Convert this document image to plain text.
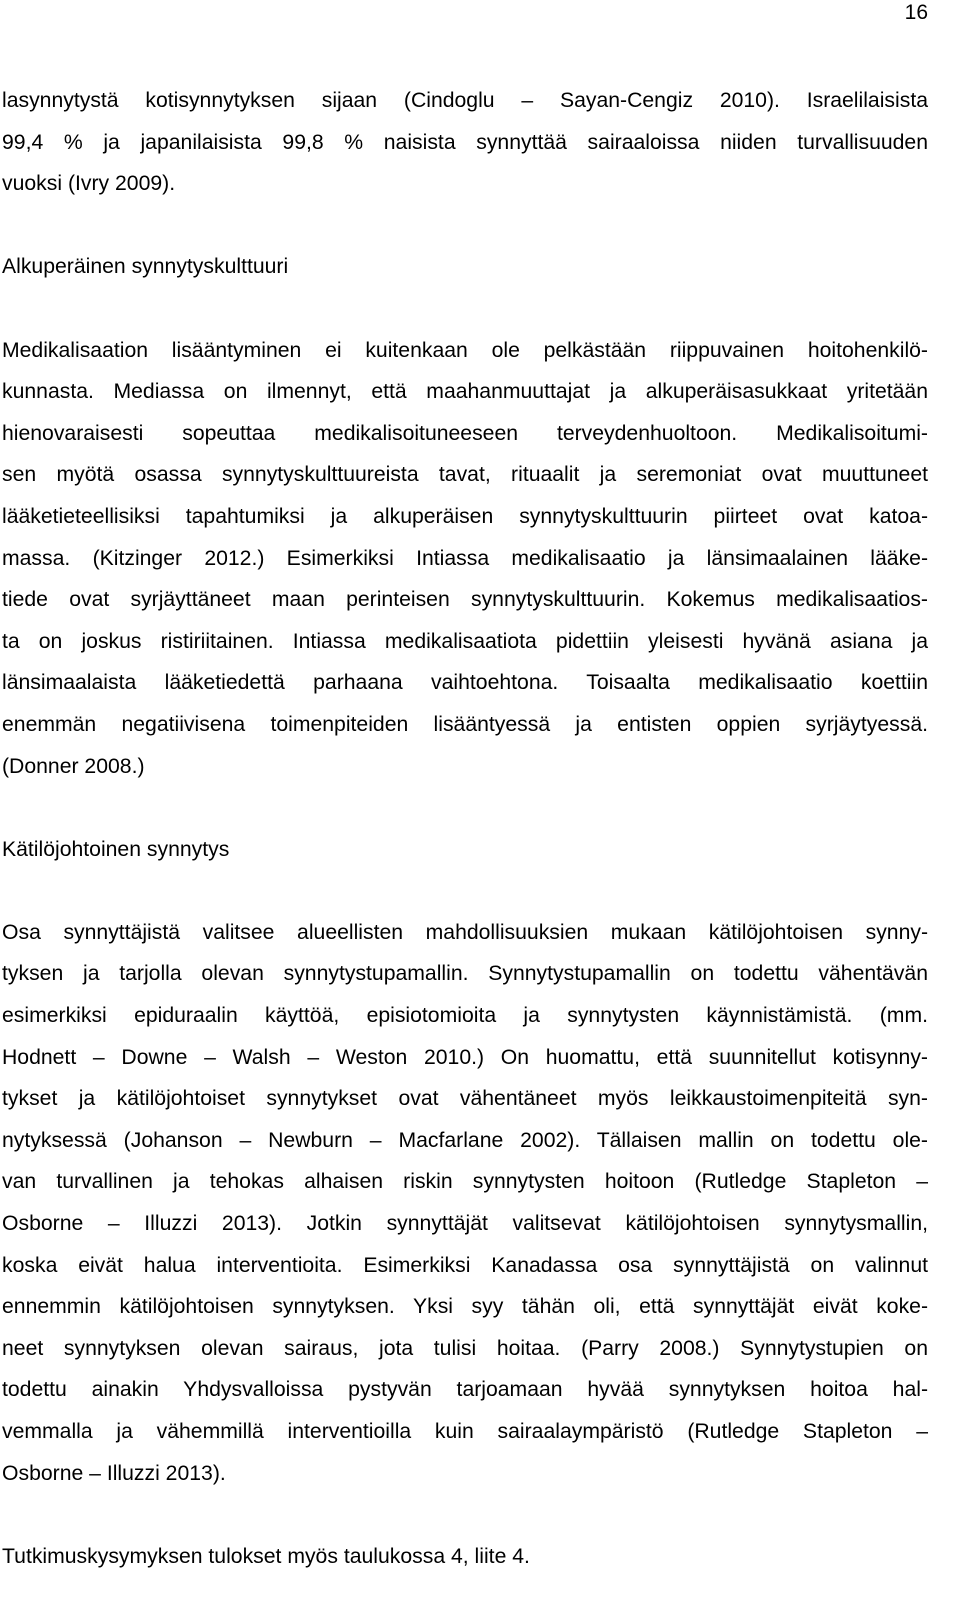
16
lasynnytystä kotisynnytyksen sijaan (Cindoglu – Sayan-Cengiz 2010). Israelilaisista
99,4 % ja japanilaisista 99,8 % naisista synnyttää sairaaloissa niiden turvallisuuden
vuoksi (Ivry 2009).
Alkuperäinen synnytyskulttuuri
Medikalisaation lisääntyminen ei kuitenkaan ole pelkästään riippuvainen hoitohenkilö-
kunnasta. Mediassa on ilmennyt, että maahanmuuttajat ja alkuperäisasukkaat yritetään
hienovaraisesti sopeuttaa medikalisoituneeseen terveydenhuoltoon. Medikalisoitumi-
sen myötä osassa synnytyskulttuureista tavat, rituaalit ja seremoniat ovat muuttuneet
lääketieteellisiksi tapahtumiksi ja alkuperäisen synnytyskulttuurin piirteet ovat katoa-
massa. (Kitzinger 2012.) Esimerkiksi Intiassa medikalisaatio ja länsimaalainen lääke-
tiede ovat syrjäyttäneet maan perinteisen synnytyskulttuurin. Kokemus medikalisaatios-
ta on joskus ristiriitainen. Intiassa medikalisaatiota pidettiin yleisesti hyvänä asiana ja
länsimaalaista lääketiedettä parhaana vaihtoehtona. Toisaalta medikalisaatio koettiin
enemmän negatiivisena toimenpiteiden lisääntyessä ja entisten oppien syrjäytyessä.
(Donner 2008.)
Kätilöjohtoinen synnytys
Osa synnyttäjistä valitsee alueellisten mahdollisuuksien mukaan kätilöjohtoisen synny-
tyksen ja tarjolla olevan synnytystupamallin. Synnytystupamallin on todettu vähentävän
esimerkiksi epiduraalin käyttöä, episiotomioita ja synnytysten käynnistämistä. (mm.
Hodnett – Downe – Walsh – Weston 2010.) On huomattu, että suunnitellut kotisynny-
tykset ja kätilöjohtoiset synnytykset ovat vähentäneet myös leikkaustoimenpiteitä syn-
nytyksessä (Johanson – Newburn – Macfarlane 2002). Tällaisen mallin on todettu ole-
van turvallinen ja tehokas alhaisen riskin synnytysten hoitoon (Rutledge Stapleton –
Osborne – Illuzzi 2013). Jotkin synnyttäjät valitsevat kätilöjohtoisen synnytysmallin,
koska eivät halua interventioita. Esimerkiksi Kanadassa osa synnyttäjistä on valinnut
ennemmin kätilöjohtoisen synnytyksen. Yksi syy tähän oli, että synnyttäjät eivät koke-
neet synnytyksen olevan sairaus, jota tulisi hoitaa. (Parry 2008.) Synnytystupien on
todettu ainakin Yhdysvalloissa pystyvän tarjoamaan hyvää synnytyksen hoitoa hal-
vemmalla ja vähemmillä interventioilla kuin sairaalaympäristö (Rutledge Stapleton –
Osborne – Illuzzi 2013).
Tutkimuskysymyksen tulokset myös taulukossa 4, liite 4.
